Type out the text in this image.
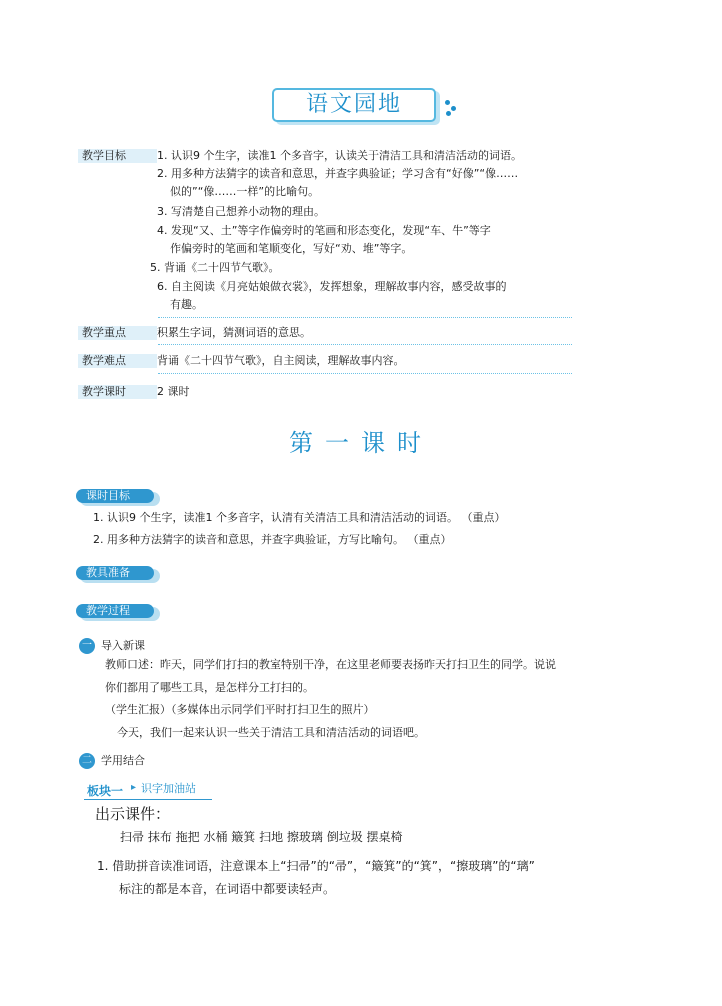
语文园地
教学目标	1. 认识9 个生字，读准1 个多音字，认读关于清洁工具和清洁活动的词语。
2. 用多种方法猜字的读音和意思，并查字典验证；学习含有“好像”“像……
似的”“像……一样”的比喻句。
3. 写清楚自己想养小动物的理由。
4. 发现“又、土”等字作偏旁时的笔画和形态变化，发现“车、牛”等字
作偏旁时的笔画和笔顺变化，写好“劝、堆”等字。
5. 背诵《二十四节气歌》。
6. 自主阅读《月亮姑娘做衣裳》，发挥想象，理解故事内容，感受故事的
有趣。
教学重点	积累生字词，猜测词语的意思。
教学难点	背诵《二十四节气歌》，自主阅读，理解故事内容。
教学课时	2 课时
第一课时
课时目标
1. 认识9 个生字，读准1 个多音字，认清有关清洁工具和清洁活动的词语。 （重点）
2. 用多种方法猜字的读音和意思，并查字典验证，方写比喻句。 （重点）
教具准备
教学过程
一 导入新课
教师口述：昨天，同学们打扫的教室特别干净，在这里老师要表扬昨天打扫卫生的同学。说说
你们都用了哪些工具，是怎样分工打扫的。
（学生汇报）（多媒体出示同学们平时打扫卫生的照片）
今天，我们一起来认识一些关于清洁工具和清洁活动的词语吧。
二 学用结合
板块一 ▸ 识字加油站
出示课件：
扫帚 抹布 拖把 水桶 簸箕 扫地 擦玻璃 倒垃圾 摆桌椅
1. 借助拼音读准词语，注意课本上“扫帚”的“帚”，“簸箕”的“箕”，“擦玻璃”的“璃”
标注的都是本音，在词语中都要读轻声。
